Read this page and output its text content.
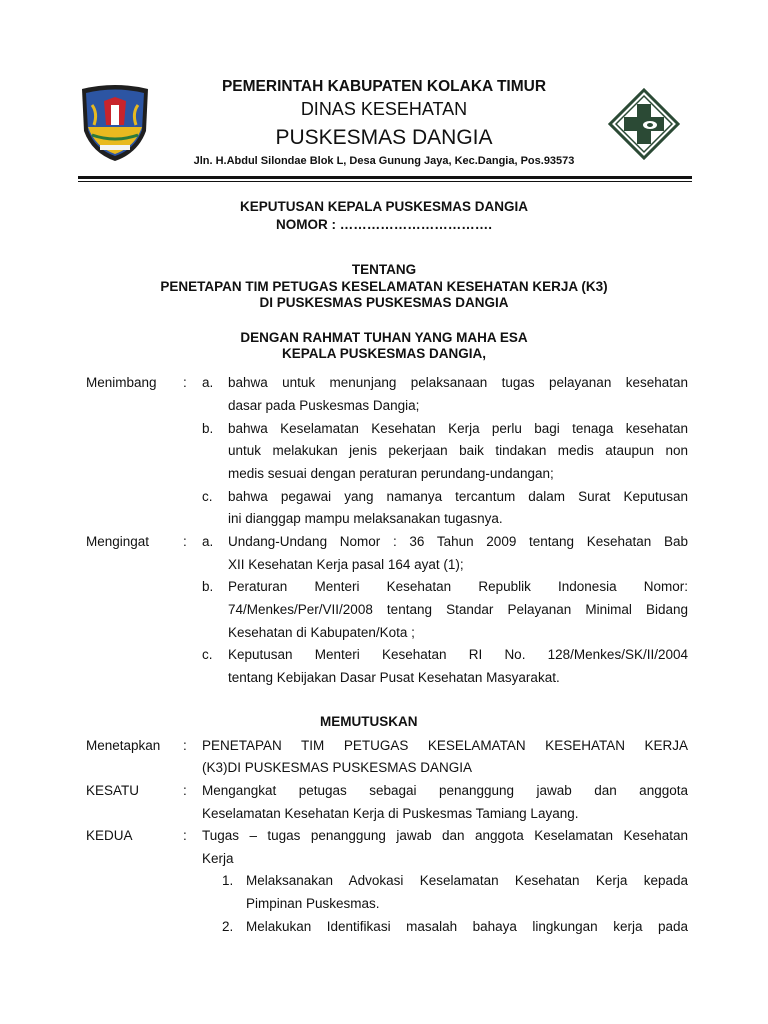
PEMERINTAH KABUPATEN KOLAKA TIMUR
DINAS KESEHATAN
PUSKESMAS DANGIA
Jln. H.Abdul Silondae Blok L, Desa Gunung Jaya, Kec.Dangia, Pos.93573
KEPUTUSAN KEPALA PUSKESMAS DANGIA
NOMOR : …………………………….
TENTANG
PENETAPAN TIM PETUGAS KESELAMATAN KESEHATAN KERJA (K3)
DI PUSKESMAS PUSKESMAS DANGIA
DENGAN RAHMAT TUHAN YANG MAHA ESA
KEPALA PUSKESMAS DANGIA,
Menimbang : a. bahwa untuk menunjang pelaksanaan tugas pelayanan kesehatan
dasar pada Puskesmas Dangia;
b. bahwa Keselamatan Kesehatan Kerja perlu bagi tenaga kesehatan
untuk melakukan jenis pekerjaan baik tindakan medis ataupun non
medis sesuai dengan peraturan perundang-undangan;
c. bahwa pegawai yang namanya tercantum dalam Surat Keputusan
ini dianggap mampu melaksanakan tugasnya.
Mengingat	: a. Undang-Undang Nomor : 36 Tahun 2009 tentang Kesehatan Bab
XII Kesehatan Kerja pasal 164 ayat (1);
b. Peraturan Menteri Kesehatan Republik Indonesia Nomor:
74/Menkes/Per/VII/2008 tentang Standar Pelayanan Minimal Bidang
Kesehatan di Kabupaten/Kota ;
c. Keputusan Menteri Kesehatan RI No. 128/Menkes/SK/II/2004
tentang Kebijakan Dasar Pusat Kesehatan Masyarakat.
MEMUTUSKAN
Menetapkan : PENETAPAN TIM PETUGAS KESELAMATAN KESEHATAN KERJA
(K3)DI PUSKESMAS PUSKESMAS DANGIA
KESATU	: Mengangkat petugas sebagai penanggung jawab dan anggota
Keselamatan Kesehatan Kerja di Puskesmas Tamiang Layang.
KEDUA	: Tugas – tugas penanggung jawab dan anggota Keselamatan Kesehatan
Kerja
1. Melaksanakan Advokasi Keselamatan Kesehatan Kerja kepada
Pimpinan Puskesmas.
2. Melakukan Identifikasi masalah bahaya lingkungan kerja pada
